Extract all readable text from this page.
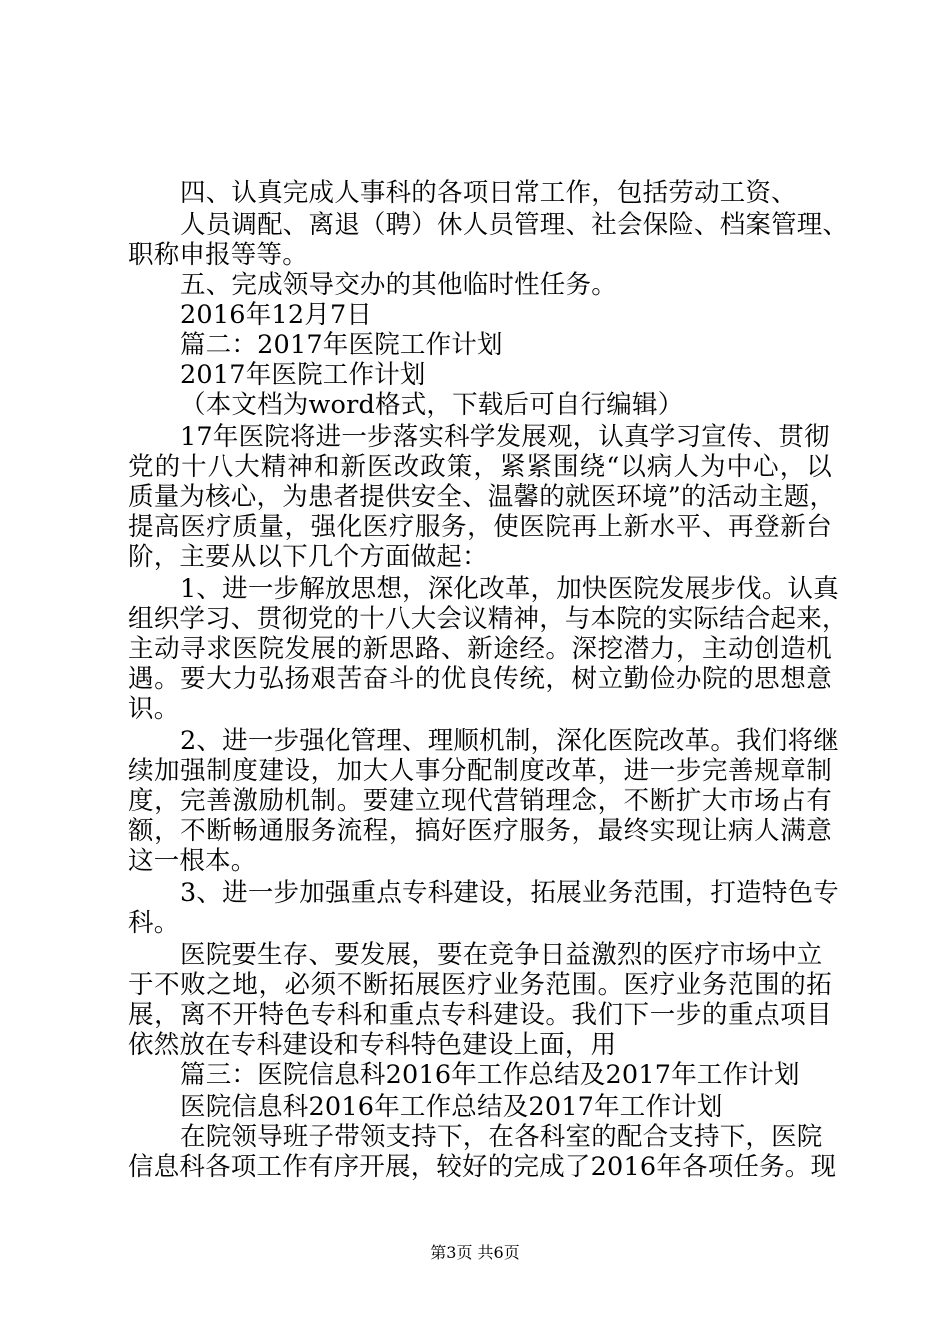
四、认真完成人事科的各项日常工作，包括劳动工资、
人员调配、离退（聘）休人员管理、社会保险、档案管理、
职称申报等等。
五、完成领导交办的其他临时性任务。
2016年12月7日
篇二：2017年医院工作计划
2017年医院工作计划
（本文档为word格式，下载后可自行编辑）
17年医院将进一步落实科学发展观，认真学习宣传、贯彻
党的十八大精神和新医改政策，紧紧围绕“以病人为中心，以
质量为核心，为患者提供安全、温馨的就医环境”的活动主题，
提高医疗质量，强化医疗服务，使医院再上新水平、再登新台
阶，主要从以下几个方面做起：
1、进一步解放思想，深化改革，加快医院发展步伐。认真
组织学习、贯彻党的十八大会议精神，与本院的实际结合起来，
主动寻求医院发展的新思路、新途经。深挖潜力，主动创造机
遇。要大力弘扬艰苦奋斗的优良传统，树立勤俭办院的思想意
识。
2、进一步强化管理、理顺机制，深化医院改革。我们将继
续加强制度建设，加大人事分配制度改革，进一步完善规章制
度，完善激励机制。要建立现代营销理念，不断扩大市场占有
额，不断畅通服务流程，搞好医疗服务，最终实现让病人满意
这一根本。
3、进一步加强重点专科建设，拓展业务范围，打造特色专
科。
医院要生存、要发展，要在竞争日益激烈的医疗市场中立
于不败之地，必须不断拓展医疗业务范围。医疗业务范围的拓
展，离不开特色专科和重点专科建设。我们下一步的重点项目
依然放在专科建设和专科特色建设上面，用
篇三：医院信息科2016年工作总结及2017年工作计划
医院信息科2016年工作总结及2017年工作计划
在院领导班子带领支持下，在各科室的配合支持下，医院
信息科各项工作有序开展，较好的完成了2016年各项任务。现
第3页 共6页
